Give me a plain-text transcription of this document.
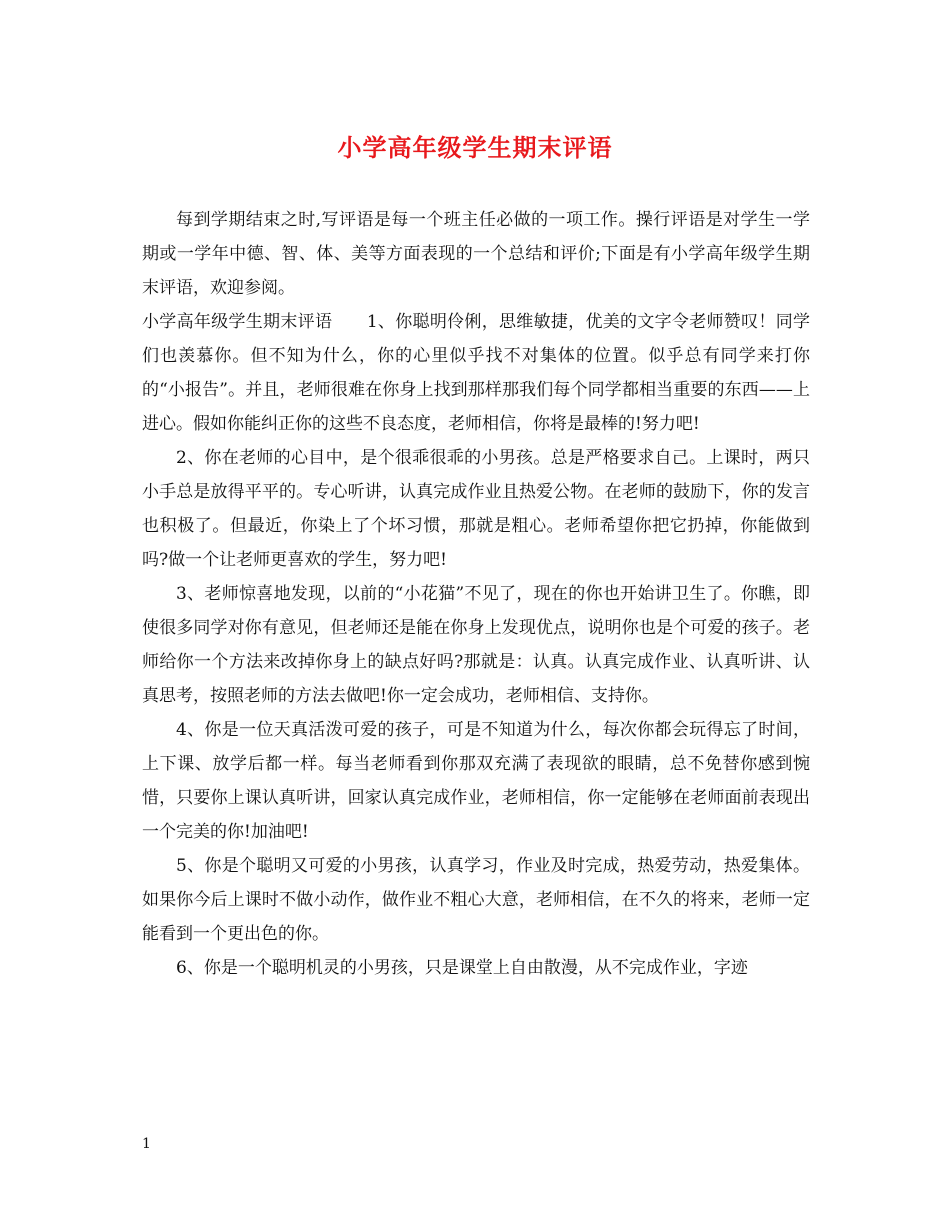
小学高年级学生期末评语

每到学期结束之时,写评语是每一个班主任必做的一项工作。操行评语是对学生一学期或一学年中德、智、体、美等方面表现的一个总结和评价;下面是有小学高年级学生期末评语，欢迎参阅。

小学高年级学生期末评语　　1、你聪明伶俐，思维敏捷，优美的文字令老师赞叹！同学们也羡慕你。但不知为什么，你的心里似乎找不对集体的位置。似乎总有同学来打你的“小报告”。并且，老师很难在你身上找到那样那我们每个同学都相当重要的东西——上进心。假如你能纠正你的这些不良态度，老师相信，你将是最棒的!努力吧!

2、你在老师的心目中，是个很乖很乖的小男孩。总是严格要求自己。上课时，两只小手总是放得平平的。专心听讲，认真完成作业且热爱公物。在老师的鼓励下，你的发言也积极了。但最近，你染上了个坏习惯，那就是粗心。老师希望你把它扔掉，你能做到吗?做一个让老师更喜欢的学生，努力吧!

3、老师惊喜地发现，以前的“小花猫”不见了，现在的你也开始讲卫生了。你瞧，即使很多同学对你有意见，但老师还是能在你身上发现优点，说明你也是个可爱的孩子。老师给你一个方法来改掉你身上的缺点好吗?那就是：认真。认真完成作业、认真听讲、认真思考，按照老师的方法去做吧!你一定会成功，老师相信、支持你。

4、你是一位天真活泼可爱的孩子，可是不知道为什么，每次你都会玩得忘了时间，上下课、放学后都一样。每当老师看到你那双充满了表现欲的眼睛，总不免替你感到惋惜，只要你上课认真听讲，回家认真完成作业，老师相信，你一定能够在老师面前表现出一个完美的你!加油吧!

5、你是个聪明又可爱的小男孩，认真学习，作业及时完成，热爱劳动，热爱集体。如果你今后上课时不做小动作，做作业不粗心大意，老师相信，在不久的将来，老师一定能看到一个更出色的你。

6、你是一个聪明机灵的小男孩，只是课堂上自由散漫，从不完成作业，字迹

1
